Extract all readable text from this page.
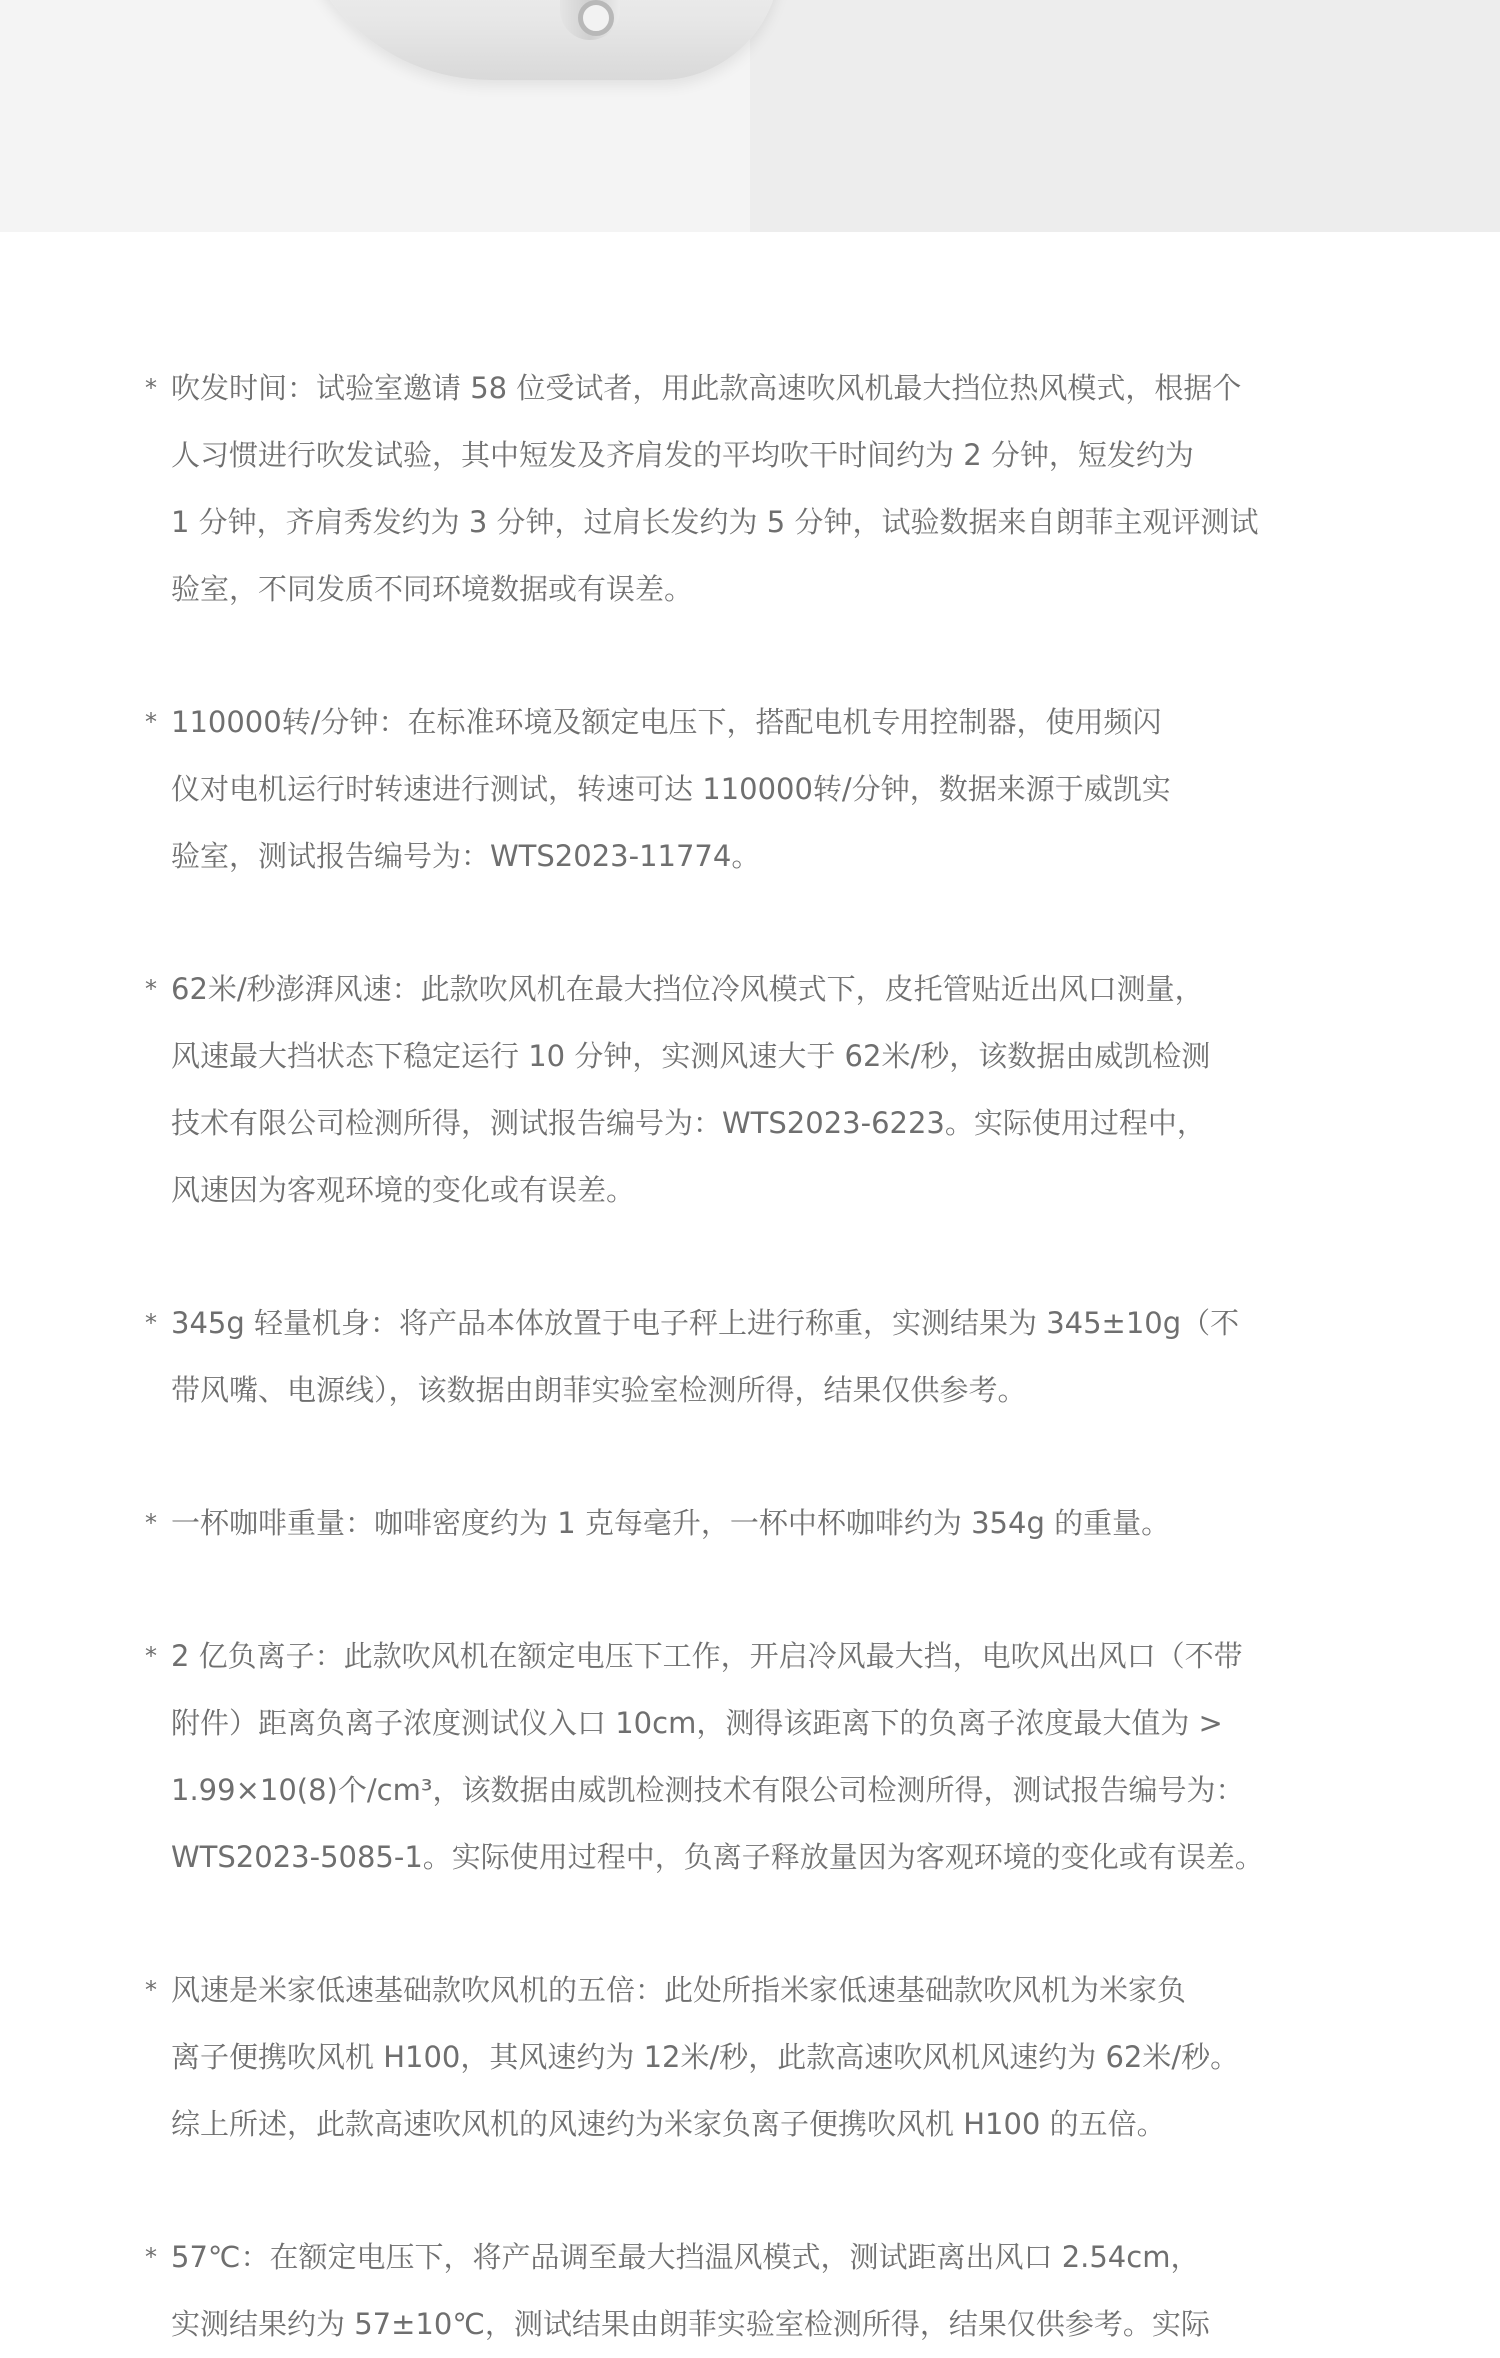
* 吹发时间：试验室邀请 58 位受试者，用此款高速吹风机最大挡位热风模式，根据个

人习惯进行吹发试验，其中短发及齐肩发的平均吹干时间约为 2 分钟，短发约为

1 分钟，齐肩秀发约为 3 分钟，过肩长发约为 5 分钟，试验数据来自朗菲主观评测试

验室，不同发质不同环境数据或有误差。

* 110000转/分钟：在标准环境及额定电压下，搭配电机专用控制器，使用频闪

仪对电机运行时转速进行测试，转速可达 110000转/分钟，数据来源于威凯实

验室，测试报告编号为：WTS2023-11774。

* 62米/秒澎湃风速：此款吹风机在最大挡位冷风模式下，皮托管贴近出风口测量，

风速最大挡状态下稳定运行 10 分钟，实测风速大于 62米/秒，该数据由威凯检测

技术有限公司检测所得，测试报告编号为：WTS2023-6223。实际使用过程中，

风速因为客观环境的变化或有误差。

* 345g 轻量机身：将产品本体放置于电子秤上进行称重，实测结果为 345±10g（不

带风嘴、电源线），该数据由朗菲实验室检测所得，结果仅供参考。

* 一杯咖啡重量：咖啡密度约为 1 克每毫升，一杯中杯咖啡约为 354g 的重量。

* 2 亿负离子：此款吹风机在额定电压下工作，开启冷风最大挡，电吹风出风口（不带

附件）距离负离子浓度测试仪入口 10cm，测得该距离下的负离子浓度最大值为 >

1.99×10(8)个/cm³，该数据由威凯检测技术有限公司检测所得，测试报告编号为：

WTS2023-5085-1。实际使用过程中，负离子释放量因为客观环境的变化或有误差。

* 风速是米家低速基础款吹风机的五倍：此处所指米家低速基础款吹风机为米家负

离子便携吹风机 H100，其风速约为 12米/秒，此款高速吹风机风速约为 62米/秒。

综上所述，此款高速吹风机的风速约为米家负离子便携吹风机 H100 的五倍。

* 57℃：在额定电压下，将产品调至最大挡温风模式，测试距离出风口 2.54cm，

实测结果约为 57±10℃，测试结果由朗菲实验室检测所得，结果仅供参考。实际
